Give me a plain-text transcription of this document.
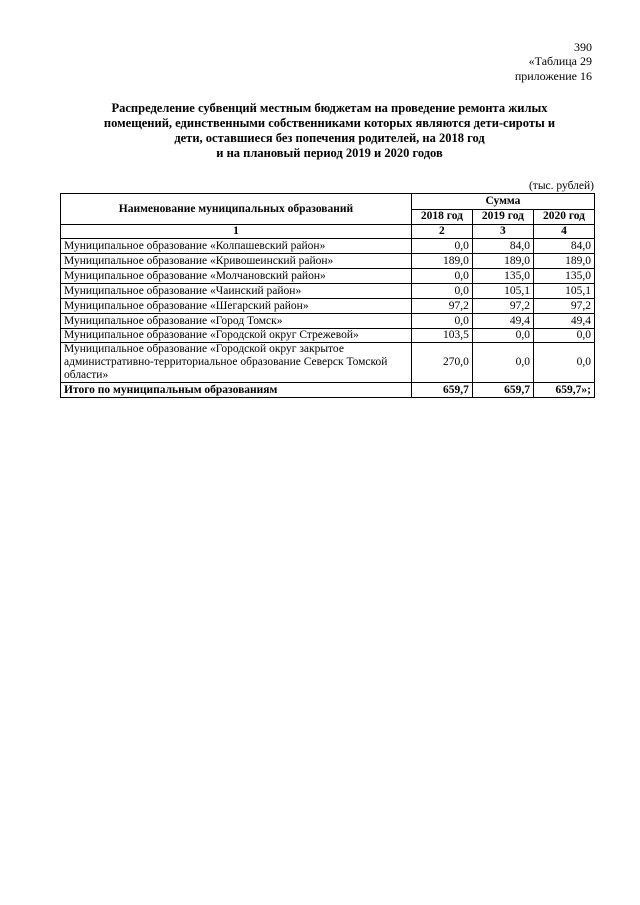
390
«Таблица 29
приложение 16
Распределение субвенций местным бюджетам на проведение ремонта жилых
помещений, единственными собственниками которых являются дети-сироты и
дети, оставшиеся без попечения родителей, на 2018 год
и на плановый период 2019 и 2020 годов
(тыс. рублей)
Наименование муниципальных образований	Сумма		
	2018 год	2019 год	2020 год
1	2	3	4
Муниципальное образование «Колпашевский район»	0,0	84,0	84,0
Муниципальное образование «Кривошеинский район»	189,0	189,0	189,0
Муниципальное образование «Молчановский район»	0,0	135,0	135,0
Муниципальное образование «Чаинский район»	0,0	105,1	105,1
Муниципальное образование «Шегарский район»	97,2	97,2	97,2
Муниципальное образование «Город Томск»	0,0	49,4	49,4
Муниципальное образование «Городской округ Стрежевой»	103,5	0,0	0,0
Муниципальное образование «Городской округ закрытое административно-территориальное образование Северск Томской области»	270,0	0,0	0,0
Итого по муниципальным образованиям	659,7	659,7	659,7»;
